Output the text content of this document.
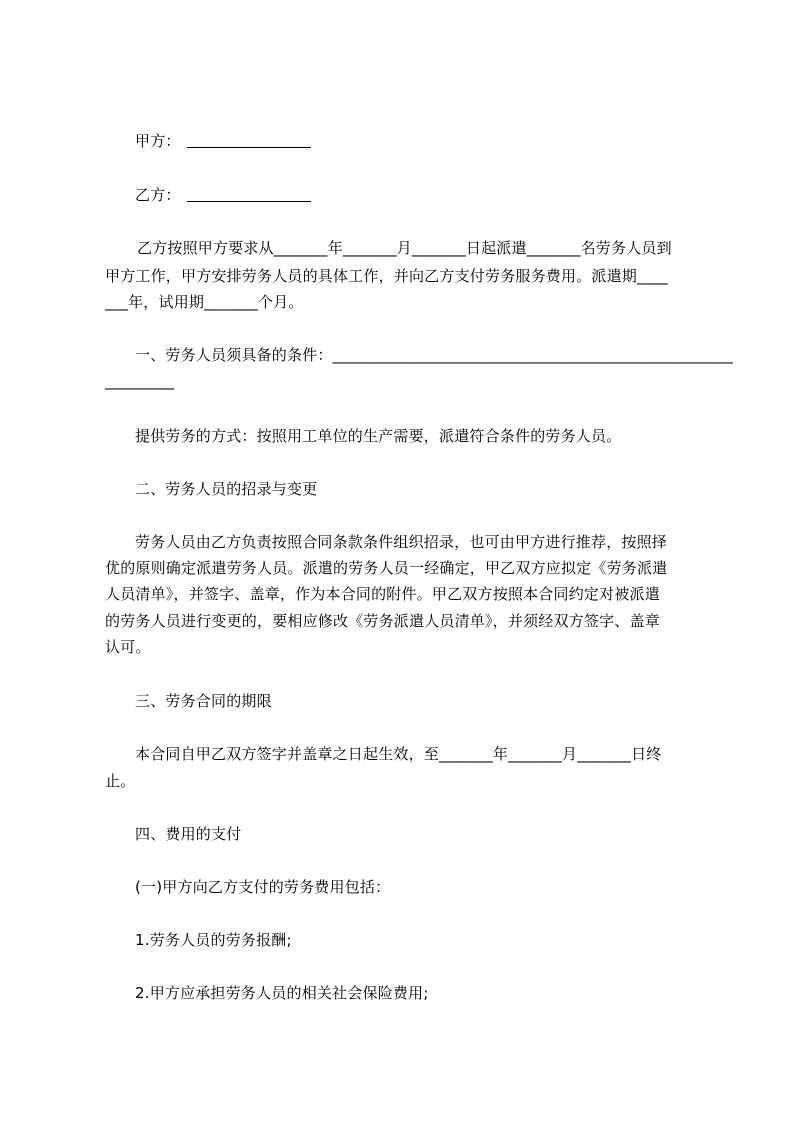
甲方：
乙方：
乙方按照甲方要求从_______年_______月_______日起派遣_______名劳务人员到
甲方工作，甲方安排劳务人员的具体工作，并向乙方支付劳务服务费用。派遣期____
___年，试用期_______个月。
一、劳务人员须具备的条件：____________________________________________________
_________
提供劳务的方式：按照用工单位的生产需要，派遣符合条件的劳务人员。
二、劳务人员的招录与变更
劳务人员由乙方负责按照合同条款条件组织招录，也可由甲方进行推荐，按照择
优的原则确定派遣劳务人员。派遣的劳务人员一经确定，甲乙双方应拟定《劳务派遣
人员清单》，并签字、盖章，作为本合同的附件。甲乙双方按照本合同约定对被派遣
的劳务人员进行变更的，要相应修改《劳务派遣人员清单》，并须经双方签字、盖章
认可。
三、劳务合同的期限
本合同自甲乙双方签字并盖章之日起生效，至_______年_______月_______日终
止。
四、费用的支付
(一)甲方向乙方支付的劳务费用包括：
1.劳务人员的劳务报酬;
2.甲方应承担劳务人员的相关社会保险费用;
